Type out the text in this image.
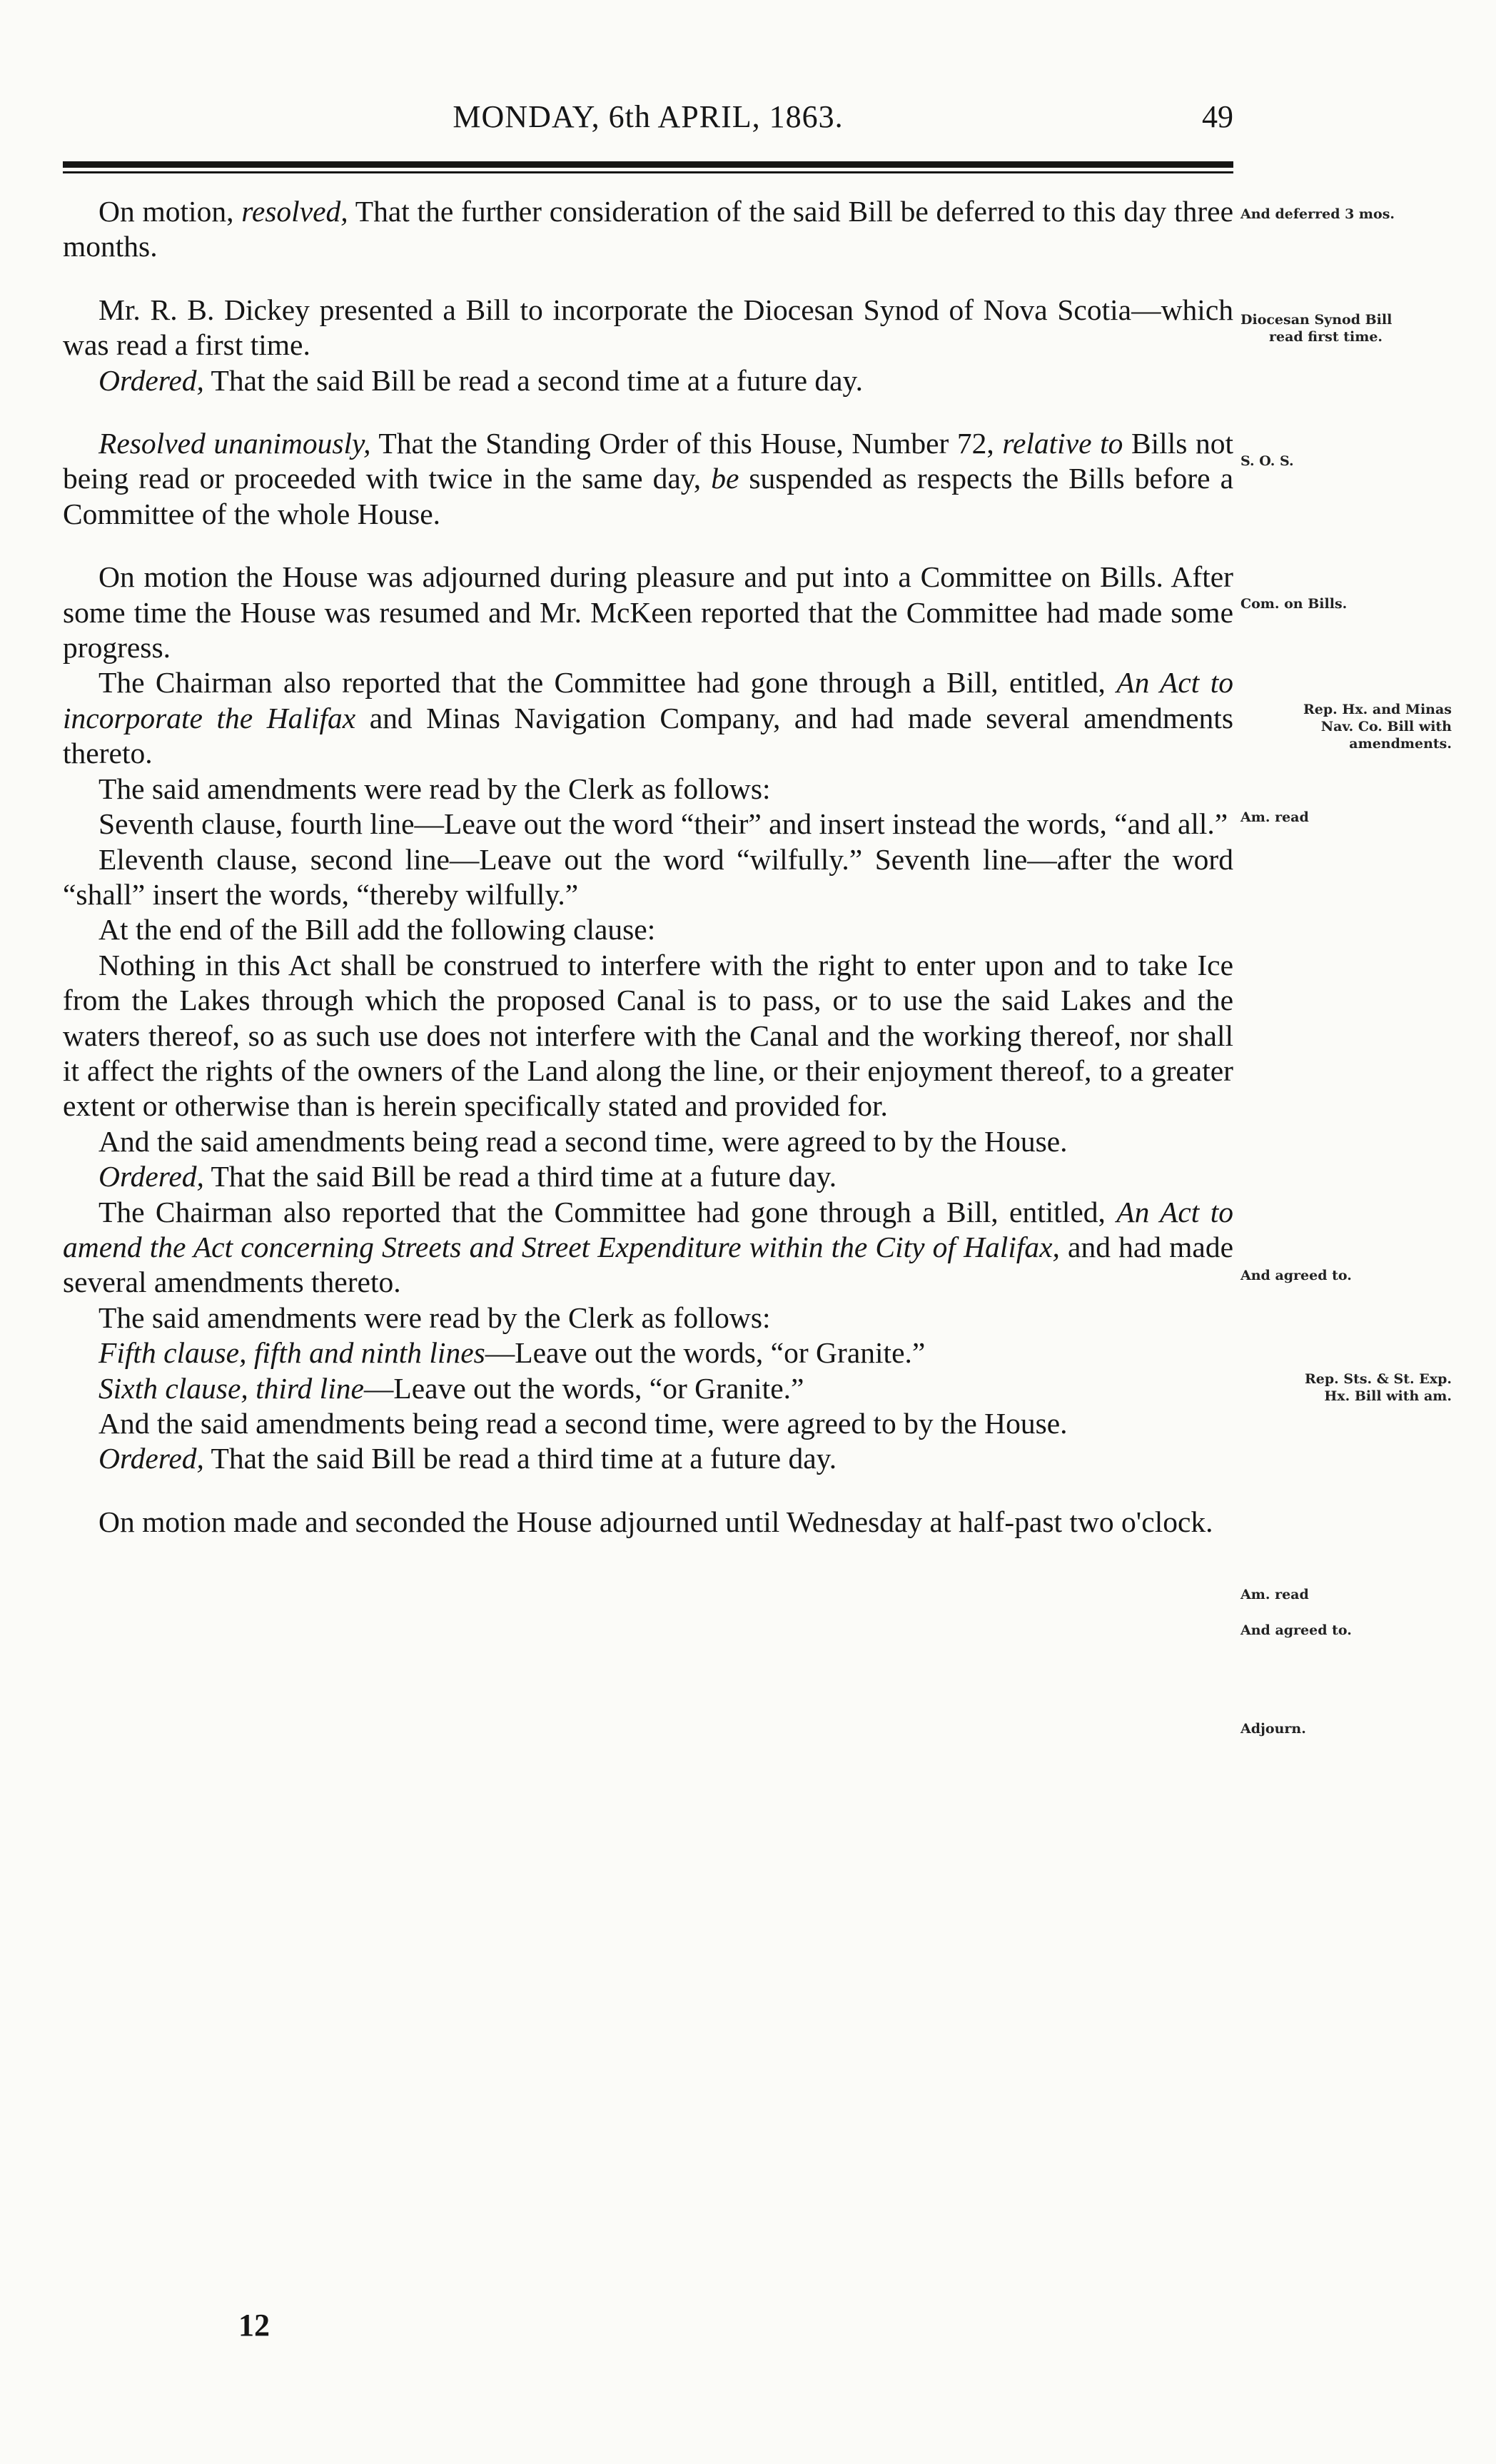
MONDAY, 6th APRIL, 1863.	49

On motion, resolved, That the further consideration of the said Bill be deferred to this day three months.

Mr. R. B. Dickey presented a Bill to incorporate the Diocesan Synod of Nova Scotia—which was read a first time.

Ordered, That the said Bill be read a second time at a future day.

Resolved unanimously, That the Standing Order of this House, Number 72, relative to Bills not being read or proceeded with twice in the same day, be suspended as respects the Bills before a Committee of the whole House.

On motion the House was adjourned during pleasure and put into a Committee on Bills. After some time the House was resumed and Mr. McKeen reported that the Committee had made some progress.

The Chairman also reported that the Committee had gone through a Bill, entitled, An Act to incorporate the Halifax and Minas Navigation Company, and had made several amendments thereto.

The said amendments were read by the Clerk as follows:

Seventh clause, fourth line—Leave out the word “their” and insert instead the words, “and all.”

Eleventh clause, second line—Leave out the word “wilfully.” Seventh line—after the word “shall” insert the words, “thereby wilfully.”

At the end of the Bill add the following clause:

Nothing in this Act shall be construed to interfere with the right to enter upon and to take Ice from the Lakes through which the proposed Canal is to pass, or to use the said Lakes and the waters thereof, so as such use does not interfere with the Canal and the working thereof, nor shall it affect the rights of the owners of the Land along the line, or their enjoyment thereof, to a greater extent or otherwise than is herein specifically stated and provided for.

And the said amendments being read a second time, were agreed to by the House.

Ordered, That the said Bill be read a third time at a future day.

The Chairman also reported that the Committee had gone through a Bill, entitled, An Act to amend the Act concerning Streets and Street Expenditure within the City of Halifax, and had made several amendments thereto.

The said amendments were read by the Clerk as follows:

Fifth clause, fifth and ninth lines—Leave out the words, “or Granite.”

Sixth clause, third line—Leave out the words, “or Granite.”

And the said amendments being read a second time, were agreed to by the House.

Ordered, That the said Bill be read a third time at a future day.

On motion made and seconded the House adjourned until Wednesday at half-past two o'clock.

And deferred 3 mos.
Diocesan Synod Bill
read first time.
S. O. S.
Com. on Bills.
Rep. Hx. and Minas
Nav. Co. Bill with
amendments.
Am. read
And agreed to.
Rep. Sts. & St. Exp.
Hx. Bill with am.
Am. read
And agreed to.
Adjourn.
12
